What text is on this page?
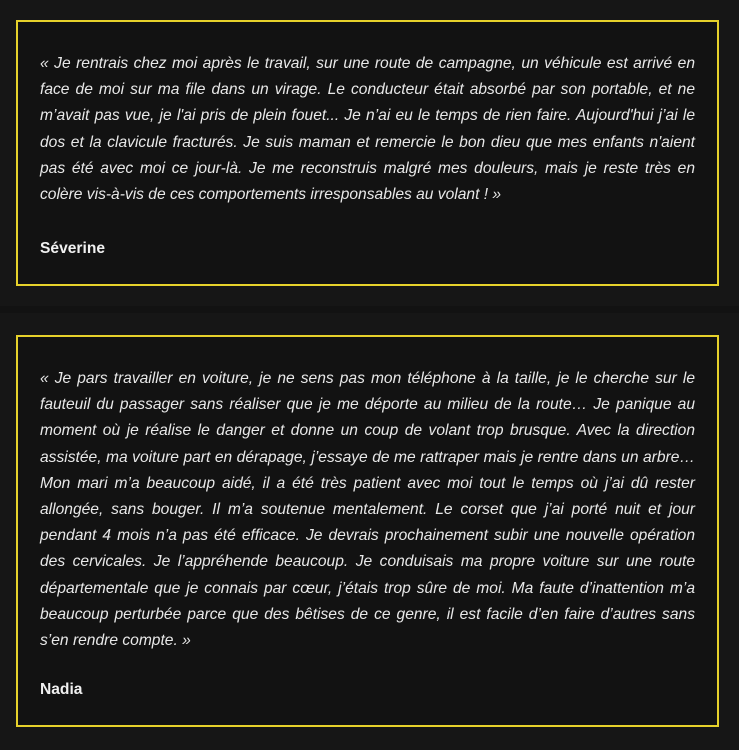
« Je rentrais chez moi après le travail, sur une route de campagne, un véhicule est arrivé en face de moi sur ma file dans un virage. Le conducteur était absorbé par son portable, et ne m’avait pas vue, je l'ai pris de plein fouet... Je n’ai eu le temps de rien faire. Aujourd'hui j’ai le dos et la clavicule fracturés. Je suis maman et remercie le bon dieu que mes enfants n'aient pas été avec moi ce jour-là. Je me reconstruis malgré mes douleurs, mais je reste très en colère vis-à-vis de ces comportements irresponsables au volant ! »

Séverine

« Je pars travailler en voiture, je ne sens pas mon téléphone à la taille, je le cherche sur le fauteuil du passager sans réaliser que je me déporte au milieu de la route… Je panique au moment où je réalise le danger et donne un coup de volant trop brusque. Avec la direction assistée, ma voiture part en dérapage, j’essaye de me rattraper mais je rentre dans un arbre… Mon mari m’a beaucoup aidé, il a été très patient avec moi tout le temps où j’ai dû rester allongée, sans bouger. Il m’a soutenue mentalement. Le corset que j’ai porté nuit et jour pendant 4 mois n’a pas été efficace. Je devrais prochainement subir une nouvelle opération des cervicales. Je l’appréhende beaucoup. Je conduisais ma propre voiture sur une route départementale que je connais par cœur, j’étais trop sûre de moi. Ma faute d’inattention m’a beaucoup perturbée parce que des bêtises de ce genre, il est facile d’en faire d’autres sans s’en rendre compte. »

Nadia
